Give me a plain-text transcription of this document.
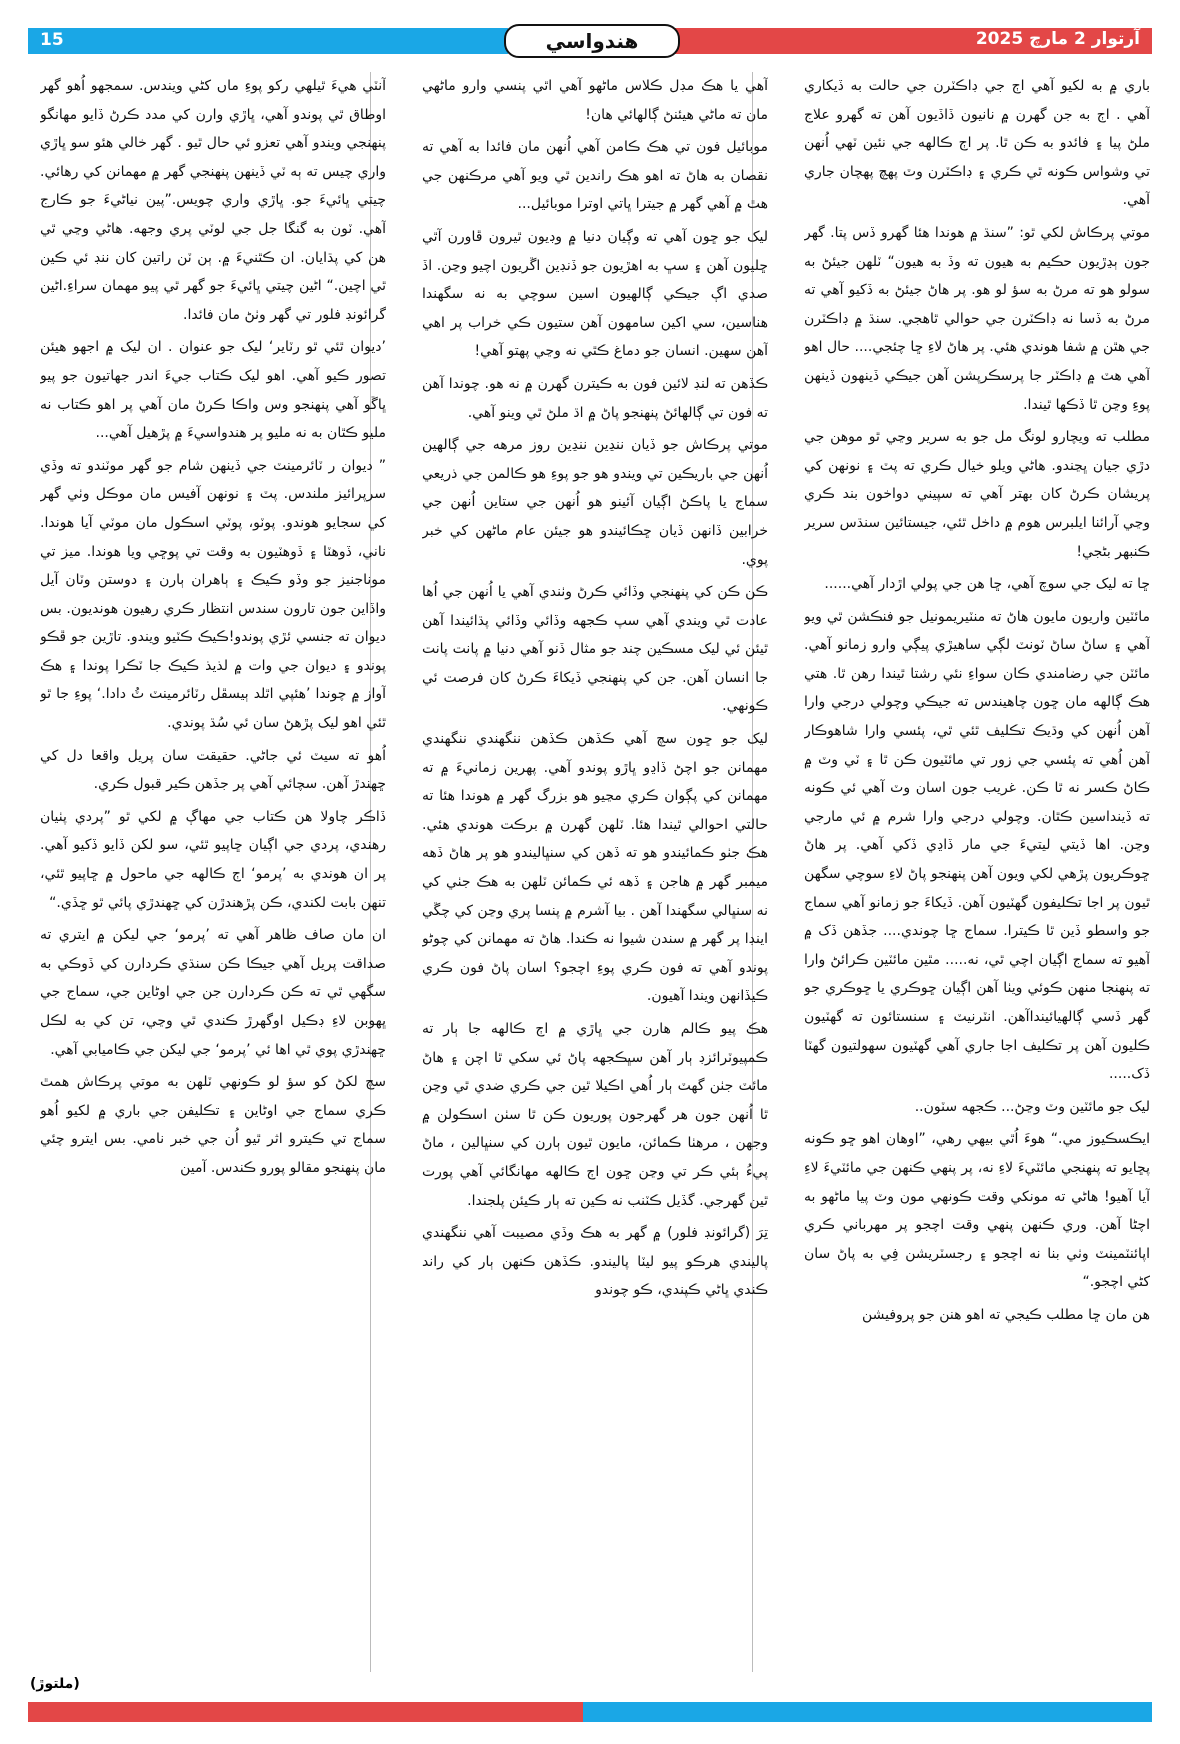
15	آرتوار 2 مارچ 2025
هندواسي

باري ۾ به لکيو آهي اڄ جي ڊاڪٽرن جي حالت به ڏيکاري آهي . اڄ به جن گهرن ۾ نانيون ڏاڏيون آهن ته گهرو علاج ملڻ پيا ۽ فائدو به ڪن ٿا. پر اڄ ڪالهه جي نئين ٽهي اُنهن تي وشواس ڪونه ٿي ڪري ۽ ڊاڪٽرن وٽ پهچ پهچان جاري آهي.

موتي پرڪاش لکي ٿو: ”سنڌ ۾ هوندا هئا گهرو ڏس پتا. گهر جون ٻڍڙيون حڪيم به هيون ته وڏ به هيون“ ٽلهن جيئڻ به سولو هو ته مرڻ به سؤ لو هو. پر هاڻ جيئڻ به ڏکيو آهي ته مرڻ به ڏسا نه ڊاڪٽرن جي حوالي ٿاهجي. سنڌ ۾ ڊاڪٽرن جي هٿن ۾ شفا هوندي هئي. پر هاڻ لاءِ ڇا چئجي.... حال اهو آهي هٽ ۾ ڊاڪٽر جا پرسڪرپشن آهن جيڪي ڏينهون ڏينهن پوءِ وڃن ٿا ڏڪها ٿيندا.

مطلب ته ويچارو لونگ مل جو به سرير وڃي ٿو موهن جي دڙي جيان ڀڃندو. هاڻي ويلو خيال ڪري ته پٽ ۽ نونهن کي پريشان ڪرڻ کان بهتر آهي ته سپيني دواخون بند ڪري وڃي آرائنا ايلبرس هوم ۾ داخل ٿئي، جيستائين سنڌس سرير ڪنبهر بڻجي!

ڇا ته ليک جي سوچ آهي، ڇا هن جي پولي اڙدار آهي......

مائٽين واريون مايون هاڻ ته منٽيريمونيل جو فنڪشن ٿي ويو آهي ۽ ساڻ ساڻ ٽونٽ لڳي ساهيڙي پيڳي وارو زمانو آهي. مائٽن جي رضامندي ڪان سواءِ نئي رشتا ٿيندا رهن ٿا. هتي هڪ ڳالهه مان ڇون چاهيندس ته جيڪي وچولي درجي وارا آهن اُنهن کي وڌيڪ تڪليف ٿئي ٿي، پئسي وارا شاهوڪار آهن اُهي ته پئسي جي زور تي مائٽيون ڪن ٿا ۽ ٽي وٽ ۾ ڪاڻ ڪسر نه ٿا ڪن. غريب جون اسان وٽ آهي ئي ڪونه ته ڏينداسين ڪٿان. وچولي درجي وارا شرم ۾ ئي مارجي وڃن. اها ڏيتي ليتيءَ جي مار ڏاڍي ڏکي آهي. پر هاڻ ڇوڪريون پڙهي لکي ويون آهن پنهنجو پاڻ لاءِ سوچي سگهن ٿيون پر اجا تڪليفون گهٽيون آهن. ڏيکاءَ جو زمانو آهي سماج جو واسطو ڏين ٿا ڪيترا. سماج ڇا چوندي.... جڏهن ڏک ۾ آهيو ته سماج اڳيان اچي ٿي، نه..... مٿين مائٽين ڪرائڻ وارا ته پنهنجا منهن ڪوئي ويٺا آهن اڳيان ڇوڪري يا ڇوڪري جو گهر ڏسي ڳالهيائينداآهن. انٽرنيٽ ۽ سنستائون ته گهٽيون ڪليون آهن پر تڪليف اجا جاري آهي گهٽيون سهولتيون گهٽا ڏک.....

ليک جو مائٽين وٽ وڃڻ... ڪجهه سٽون..

ايڪسڪيوز مي.“ هوءَ اُٿي بيهي رهي، ”اوهان اهو ڇو ڪونه پڇايو ته پنهنجي مائٽيءَ لاءِ نه، پر پنهي ڪنهن جي مائٽيءَ لاءِ آيا آهيو! هاڻي ته مونکي وقت ڪونهي مون وٽ پيا ماڻهو به اچڻا آهن. وري ڪنهن پنهي وقت اچجو پر مهرباني ڪري اپائنٽمينٽ وٺي بنا نه اچجو ۽ رجسٽريشن فِي به پاڻ سان کڻي اچجو.“

هن مان ڇا مطلب ڪيجي ته اهو هنن جو پروفيشن

آهي يا هڪ مڊل ڪلاس ماڻهو آهي اٿي پنسي وارو ماڻهي مان ته ماڻي هيئنڻ ڳالهائي هان!

موبائيل فون تي هڪ ڪامن آهي اُنهن مان فائدا به آهي ته نقصان به هاڻ ته اهو هڪ راندين ٿي ويو آهي مرڪنهن جي هٿ ۾ آهي گهر ۾ جيترا ڀاتي اوترا موبائيل...

ليک جو ڇون آهي ته وڳيان دنيا ۾ وڊيون ٿيرون ڦاورن آٿي ڇليون آهن ۽ سڀ به اهڙيون جو ڏنڊين اڱريون اچيو وڃن. اڏ صدي اڳ جيڪي ڳالهيون اسين سوچي به نه سگهندا هناسين، سي اکين سامهون آهن ستيون ڪي خراب پر اهي آهن سهين. انسان جو دماغ ڪٿي نه وڃي پهتو آهي!

ڪڏهن ته لنڊ لائين فون به ڪيترن گهرن ۾ نه هو. چوندا آهن ته فون تي ڳالهائڻ پنهنجو پاڻ ۾ اڌ ملڻ ٿي وينو آهي.

موتي پرڪاش جو ڏيان ننڍين ننڍين روز مرهه جي ڳالهين اُنهن جي باريڪين تي ويندو هو جو پوءِ هو ڪالمن جي ذريعي سماج يا پاڪڻ اڳيان آئينو هو اُنهن جي ستاين اُنهن جي خرابين ڏانهن ڏيان ڇڪائيندو هو جيئن عام ماڻهن کي خبر پوي.

ڪن ڪن کي پنهنجي وڏائي ڪرڻ وٺندي آهي يا اُنهن جي اُها عادت ٿي ويندي آهي سپ ڪجهه وڏائي وڏائي پڌائيندا آهن ٿيئن ئي ليک مسڪين چند جو مثال ڏنو آهي دنيا ۾ پانت پانت جا انسان آهن. جن کي پنهنجي ڏيکاءَ ڪرڻ کان فرصت ئي ڪونهي.

ليک جو ڇون سچ آهي ڪڏهن ڪڏهن ننگهندي ننگهندي مهمانن جو اچڻ ڏاڍو ڀاڙو پوندو آهي. پهرين زمانيءَ ۾ ته مهمانن کي پڳوان ڪري مڃيو هو بزرگ گهر ۾ هوندا هئا ته حالتي احوالي ٿيندا هئا. ٽلهن گهرن ۾ برڪت هوندي هئي. هڪ جٺو ڪمائيندو هو ته ڏهن کي سنڀاليندو هو پر هاڻ ڏهه ميمبر گهر ۾ هاجن ۽ ڏهه ئي ڪمائن ٽلهن به هڪ جٺي کي نه سنڀالي سگهندا آهن . بيا آشرم ۾ پنسا پري وڃن کي چڱي اينڊا پر گهر ۾ سندن شيوا نه ڪندا. هاڻ ته مهمانن کي چوڻو پوندو آهي ته فون ڪري پوءِ اچجو؟ اسان پاڻ فون ڪري ڪيڏانهن ويندا آهيون.

هڪ پيو ڪالم هارن جي ڀاڙي ۾ اڄ ڪالهه جا ٻار ته ڪمپيوٽرائزڊ ٻار آهن سڀڪجهه پاڻ ئي سکي ٿا اچن ۽ هاڻ مائٽ جٺن گهٽ ٻار اُهي اڪيلا ٿين جي ڪري ضدي ٿي وڃن ٿا اُنهن جون هر گهرجون پوريون ڪن ٿا سٺن اسڪولن ۾ وجهن ، مرهٺا ڪمائن، مايون ٿيون ٻارن کي سنڀالين ، ماڻ پيءُ ٻئي ڪر تي وڃن ڇون اڄ ڪالهه مهانگائي آهي پورت ٿين گهرجي. گڏيل ڪٽنب نه ڪين ته ٻار ڪيئن پلجندا.

تِرَ (گرائونڊ فلور) ۾ گهر به هڪ وڏي مصيبت آهي ننگهندي پاليندي هرڪو پيو ليٽا پاليندو. ڪڏهن ڪنهن ٻار کي راند ڪندي ڀاڻي ڪپندي، ڪو چوندو

آنٽي هيءَ ٿيلهي رکو پوءِ ماں کڻي ويندس. سمجهو اُهو گهر اوطاق ٿي پوندو آهي، ڀاڙي وارن کي مدد ڪرڻ ڏايو مهانگو پنهنجي ويندو آهي تعزو ئي حال ٿيو . گهر خالي هئو سو ڀاڙي واري چيس ته ٻه ٽي ڏينهن پنهنجي گهر ۾ مهمانن کي رهائي. چيتي ڀائيءَ جو. ڀاڙي واري چويس.”پين نياڻيءَ جو ڪارج آهي. ٽون به گنگا جل جي لوٽي پري وجهه. هاڻي وڃي ٿي هن کي پڌايان. ان ڪٿنيءَ ۾. ٻن ٽن راتين کان ننڊ ئي ڪين ٿي اچين.“ اڻين چيتي ڀائيءَ جو گهر ٿي پيو مهمان سراءِ.اڻين گرائونڊ فلور تي گهر وٺڻ مان فائدا.

’ديوان ٿئي ٿو رٽاير‘ ليک جو عنوان . ان ليک ۾ اجهو هيئن تصور ڪيو آهي. اهو ليک ڪتاب جيءَ اندر جهاتيون جو پيو ڀاڱو آهي پنهنجو وس واڪا ڪرڻ مان آهي پر اهو ڪتاب نه مليو ڪٿان به نه مليو پر هندواسيءَ ۾ پڙهيل آهي...

” ديوان ر ٽائرمينٽ جي ڏينهن شام جو گهر موٽندو ته وڏي سرپرائيز ملندس. پٽ ۽ نونهن آفيس مان موڪل وٺي گهر کي سجايو هوندو. پوٽو، پوٽي اسڪول مان موٽي آيا هوندا. ناني، ڏوهٽا ۽ ڏوهٽيون به وقت تي پوڇي ويا هوندا. ميز تي موناجنيز جو وڏو ڪيڪ ۽ ٻاهران ٻارن ۽ دوستن وٽان آيل واڏاين جون تارون سندس انتظار ڪري رهيون هونديون. بس ديوان ته جنسي ئڙي پوندو!ڪيڪ ڪٽيو ويندو. تاڙين جو ڦڪو پوندو ۽ ديوان جي وات ۾ لذيذ ڪيڪ جا ٽڪرا پوندا ۽ هڪ آواز ۾ چوندا ’هئپي اٿلد ٻيسڦل رٽائرمينٽ ٽُ دادا.‘ پوءِ جا ٿو ٿئي اهو ليک پڙهڻ سان ئي سُڌ پوندي.

اُهو ته سيٽ ئي جاڻي. حقيقت سان پريل واقعا دل کي ڇهندڙ آهن. سچائي آهي پر جڏهن ڪير قبول ڪري.

ڏاڪر چاولا هن ڪتاب جي مهاڳ ۾ لکي ٿو ”پردي پٺيان رهندي، پردي جي اڳيان ڇاپيو ٿئي، سو لکن ڏايو ڏکيو آهي. پر ان هوندي به ’پرمو‘ اڄ ڪالهه جي ماحول ۾ ڇاپيو ٿئي، تنهن بابت لکندي، ڪن پڙهندڙن کي ڇهندڙي پائي ٿو ڇڏي.“

ان مان صاف ظاهر آهي ته ’پرمو‘ جي ليکن ۾ ايتري ته صداقت پريل آهي جيڪا ڪن سنڌي ڪردارن کي ڏوڪي به سگهي ٿي ته ڪن ڪردارن جن جي اوڻاين جي، سماج جي ڀھوبن لاءِ ڊڪيل اوگهرڙ ڪندي ٿي وڃي، تن کي به لڪل ڇهندڙي پوي ٿي اها ئي ’پرمو‘ جي ليکن جي ڪاميابي آهي.

سچ لکڻ کو سؤ لو ڪونهي ٽلهن به موتي پرڪاش همٿ ڪري سماج جي اوڻاين ۽ تڪليفن جي باري ۾ لکيو اُهو سماج تي ڪيترو اثر ٿيو اُن جي خبر نامي. بس ايترو چئي مان پنهنجو مقالو پورو ڪندس. آمين

(ملتوڙ)
